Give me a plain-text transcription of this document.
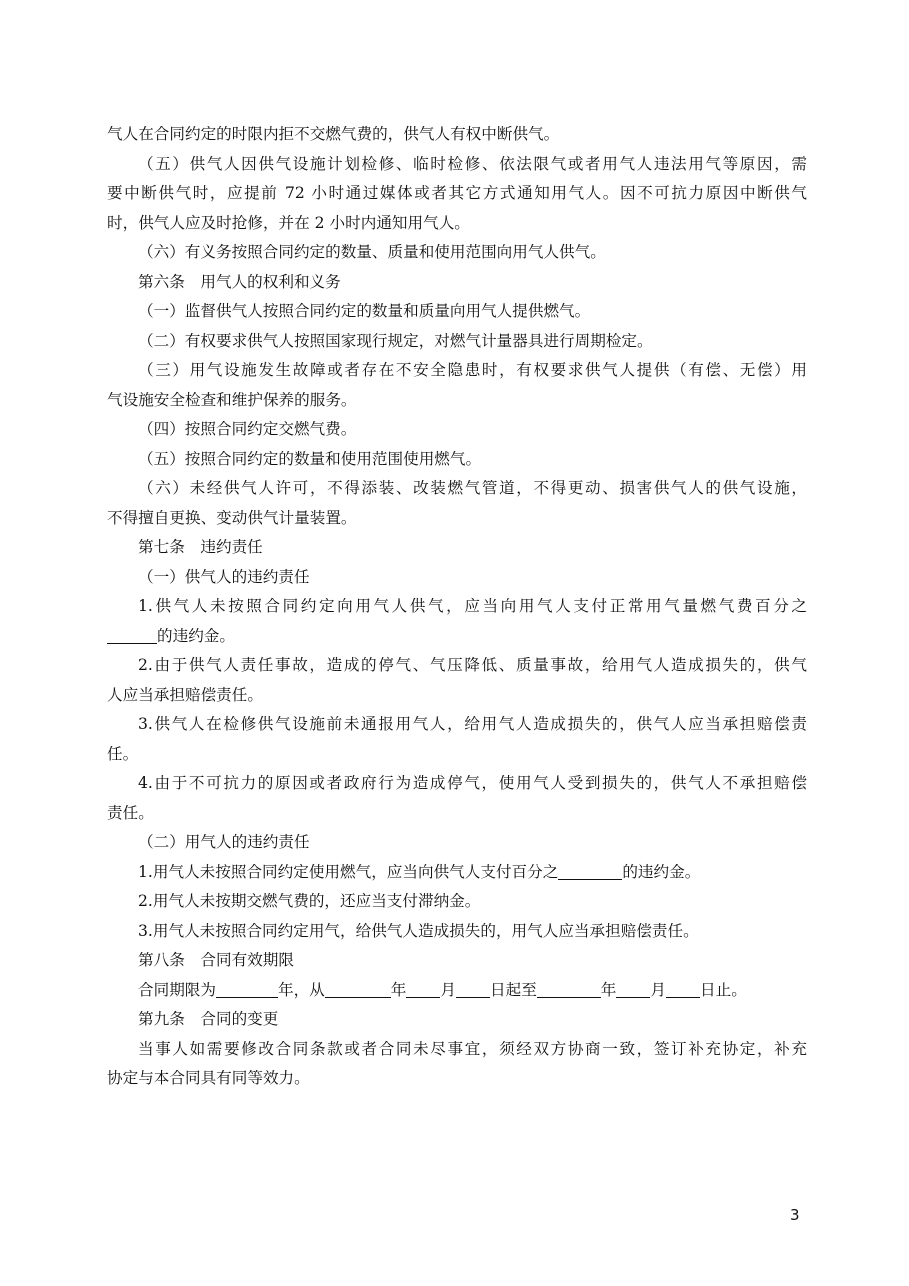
气人在合同约定的时限内拒不交燃气费的，供气人有权中断供气。
（五）供气人因供气设施计划检修、临时检修、依法限气或者用气人违法用气等原因，需
要中断供气时，应提前 72 小时通过媒体或者其它方式通知用气人。因不可抗力原因中断供气
时，供气人应及时抢修，并在 2 小时内通知用气人。
（六）有义务按照合同约定的数量、质量和使用范围向用气人供气。
第六条　用气人的权利和义务
（一）监督供气人按照合同约定的数量和质量向用气人提供燃气。
（二）有权要求供气人按照国家现行规定，对燃气计量器具进行周期检定。
（三）用气设施发生故障或者存在不安全隐患时，有权要求供气人提供（有偿、无偿）用
气设施安全检查和维护保养的服务。
（四）按照合同约定交燃气费。
（五）按照合同约定的数量和使用范围使用燃气。
（六）未经供气人许可，不得添装、改装燃气管道，不得更动、损害供气人的供气设施，
不得擅自更换、变动供气计量装置。
第七条　违约责任
（一）供气人的违约责任
1.供气人未按照合同约定向用气人供气，应当向用气人支付正常用气量燃气费百分之
的违约金。
2.由于供气人责任事故，造成的停气、气压降低、质量事故，给用气人造成损失的，供气
人应当承担赔偿责任。
3.供气人在检修供气设施前未通报用气人，给用气人造成损失的，供气人应当承担赔偿责
任。
4.由于不可抗力的原因或者政府行为造成停气，使用气人受到损失的，供气人不承担赔偿
责任。
（二）用气人的违约责任
1.用气人未按照合同约定使用燃气，应当向供气人支付百分之	的违约金。
2.用气人未按期交燃气费的，还应当支付滞纳金。
3.用气人未按照合同约定用气，给供气人造成损失的，用气人应当承担赔偿责任。
第八条　合同有效期限
合同期限为	年，从	年 月 日起至	年 月 日止。
第九条　合同的变更
当事人如需要修改合同条款或者合同未尽事宜，须经双方协商一致，签订补充协定，补充
协定与本合同具有同等效力。
3
